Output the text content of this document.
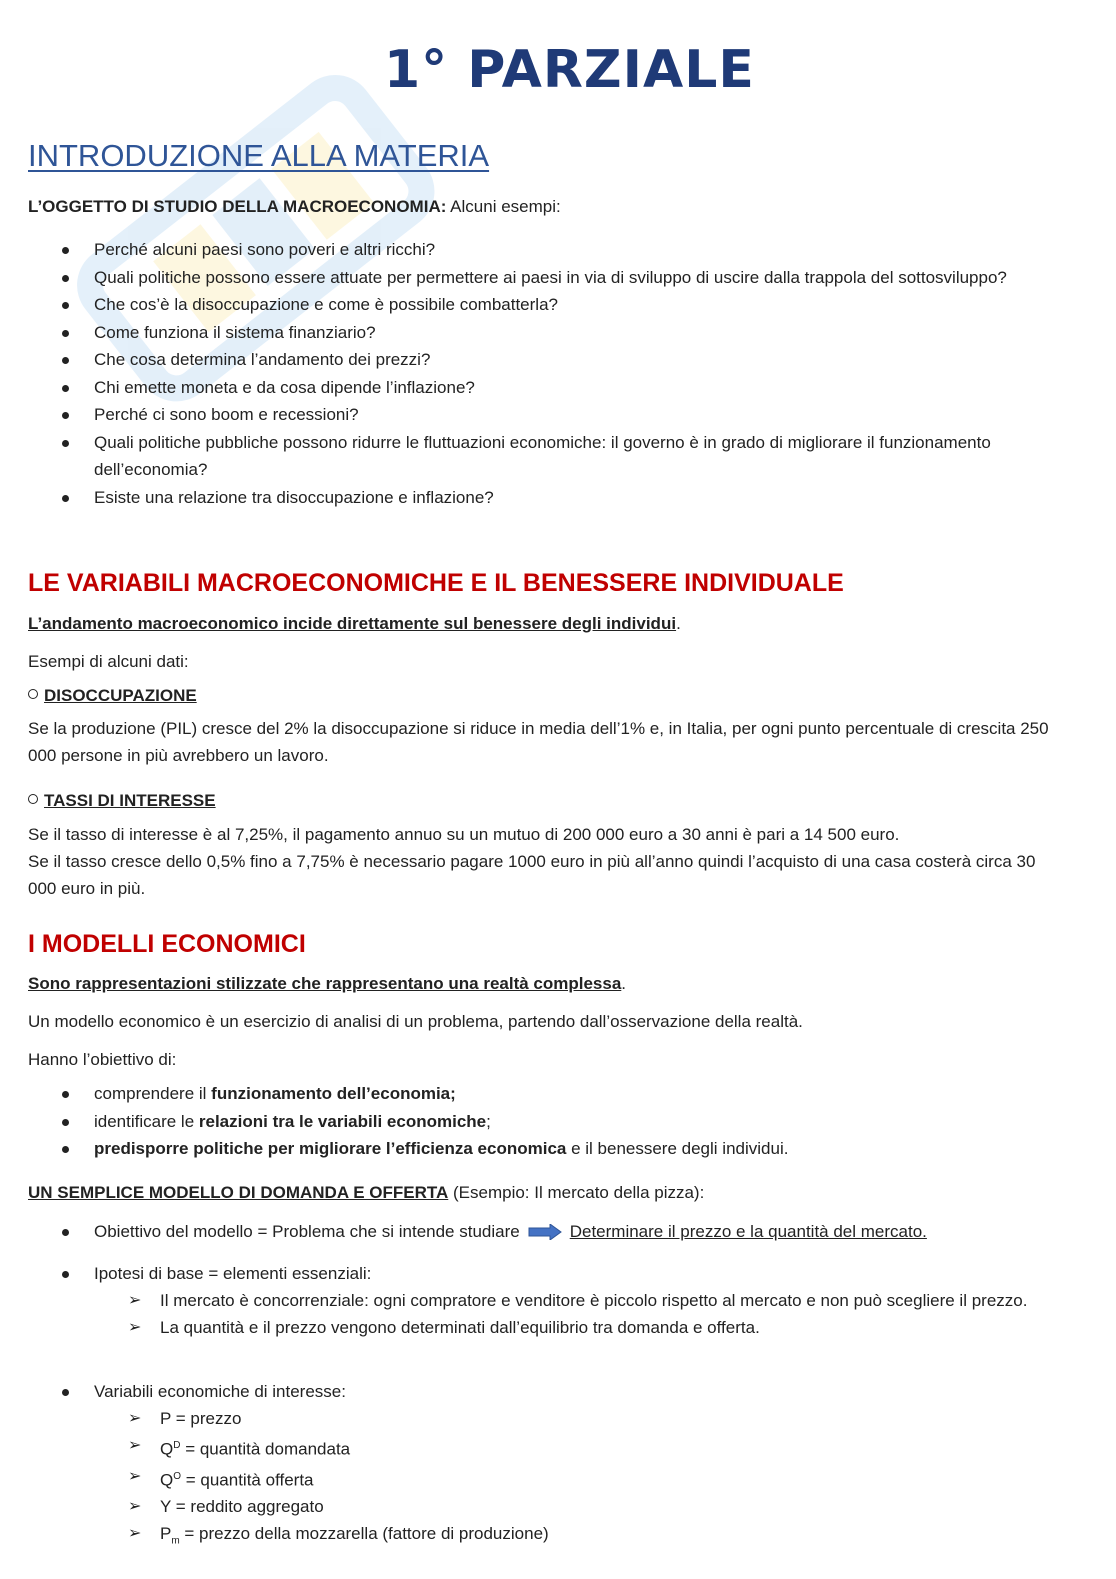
1° PARZIALE
INTRODUZIONE ALLA MATERIA

L’OGGETTO DI STUDIO DELLA MACROECONOMIA: Alcuni esempi:

Perché alcuni paesi sono poveri e altri ricchi?
Quali politiche possono essere attuate per permettere ai paesi in via di sviluppo di uscire dalla trappola del sottosviluppo?
Che cos’è la disoccupazione e come è possibile combatterla?
Come funziona il sistema finanziario?
Che cosa determina l’andamento dei prezzi?
Chi emette moneta e da cosa dipende l’inflazione?
Perché ci sono boom e recessioni?
Quali politiche pubbliche possono ridurre le fluttuazioni economiche: il governo è in grado di migliorare il funzionamento dell’economia?
Esiste una relazione tra disoccupazione e inflazione?
LE VARIABILI MACROECONOMICHE E IL BENESSERE INDIVIDUALE

L’andamento macroeconomico incide direttamente sul benessere degli individui.

Esempi di alcuni dati:

DISOCCUPAZIONE

Se la produzione (PIL) cresce del 2% la disoccupazione si riduce in media dell’1% e, in Italia, per ogni punto percentuale di crescita 250 000 persone in più avrebbero un lavoro.

TASSI DI INTERESSE

Se il tasso di interesse è al 7,25%, il pagamento annuo su un mutuo di 200 000 euro a 30 anni è pari a 14 500 euro.

Se il tasso cresce dello 0,5% fino a 7,75% è necessario pagare 1000 euro in più all’anno quindi l’acquisto di una casa costerà circa 30 000 euro in più.

I MODELLI ECONOMICI

Sono rappresentazioni stilizzate che rappresentano una realtà complessa.

Un modello economico è un esercizio di analisi di un problema, partendo dall’osservazione della realtà.

Hanno l’obiettivo di:

comprendere il funzionamento dell’economia;
identificare le relazioni tra le variabili economiche;
predisporre politiche per migliorare l’efficienza economica e il benessere degli individui.

UN SEMPLICE MODELLO DI DOMANDA E OFFERTA (Esempio: Il mercato della pizza):

Obiettivo del modello = Problema che si intende studiare	Determinare il prezzo e la quantità del mercato.
Ipotesi di base = elementi essenziali:
➢ Il mercato è concorrenziale: ogni compratore e venditore è piccolo rispetto al mercato e non può scegliere il prezzo.
➢ La quantità e il prezzo vengono determinati dall’equilibrio tra domanda e offerta.
Variabili economiche di interesse:
➢ P = prezzo
➢ $Q^D$ = quantità domandata
➢ $Q^O$ = quantità offerta
➢ Y = reddito aggregato
➢ $P_m$ = prezzo della mozzarella (fattore di produzione)
